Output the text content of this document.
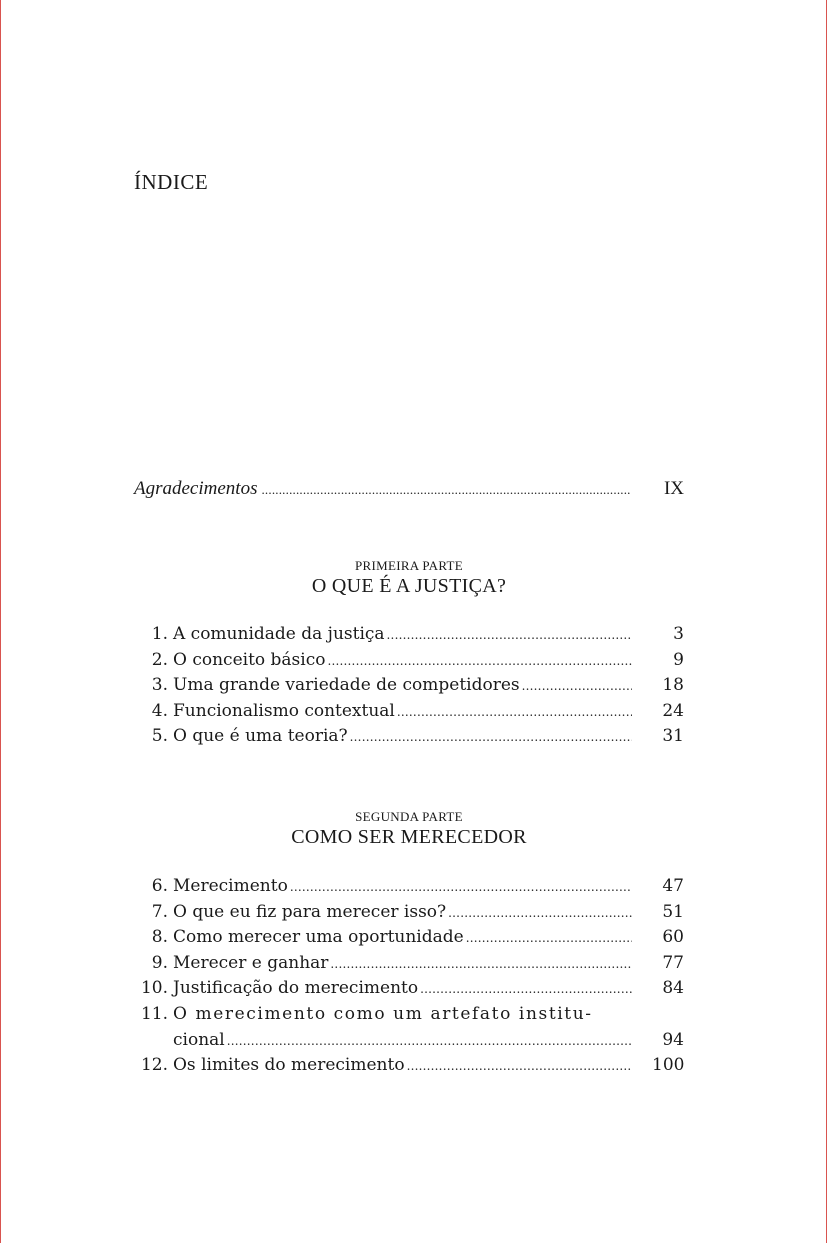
ÍNDICE
Agradecimentos .....	IX
PRIMEIRA PARTE
O QUE É A JUSTIÇA?
1. A comunidade da justiça .....	3
2. O conceito básico .....	9
3. Uma grande variedade de competidores .....	18
4. Funcionalismo contextual .....	24
5. O que é uma teoria? .....	31
SEGUNDA PARTE
COMO SER MERECEDOR
6. Merecimento .....	47
7. O que eu fiz para merecer isso? .....	51
8. Como merecer uma oportunidade .....	60
9. Merecer e ganhar .....	77
10. Justificação do merecimento .....	84
11. O merecimento como um artefato institu-
cional .....	94
12. Os limites do merecimento .....	100
